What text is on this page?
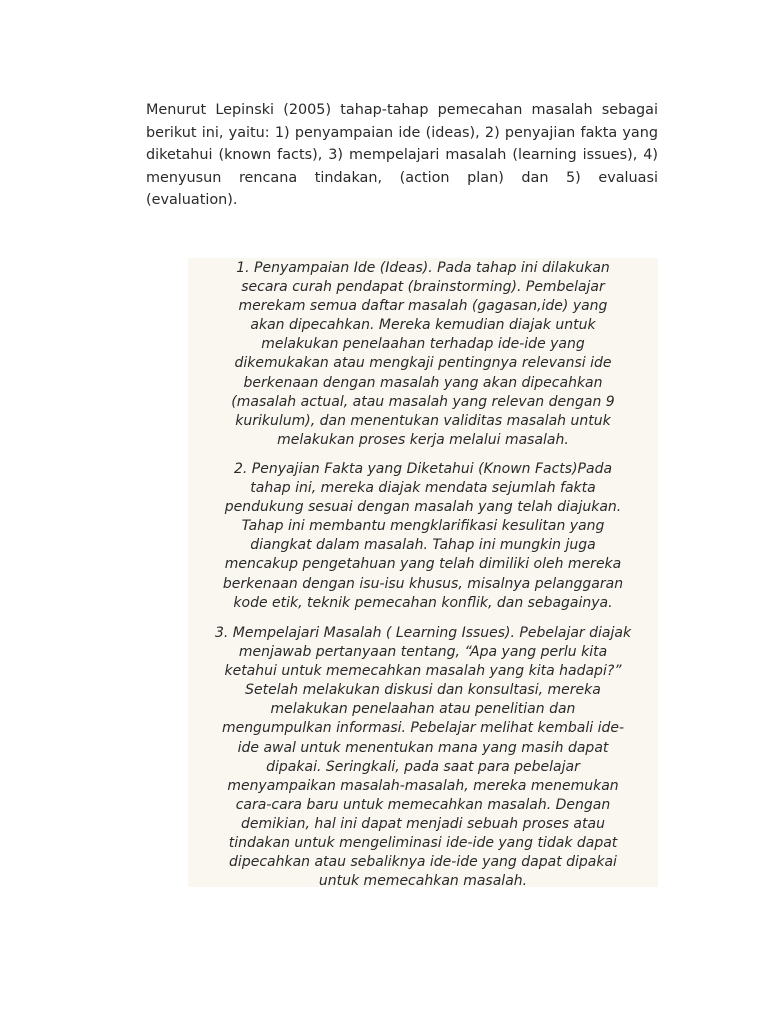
Menurut Lepinski (2005) tahap-tahap pemecahan masalah sebagai berikut ini, yaitu: 1) penyampaian ide (ideas), 2) penyajian fakta yang diketahui (known facts), 3) mempelajari masalah (learning issues), 4) menyusun rencana tindakan, (action plan) dan 5) evaluasi (evaluation).

1. Penyampaian Ide (Ideas). Pada tahap ini dilakukan
secara curah pendapat (brainstorming). Pembelajar
merekam semua daftar masalah (gagasan,ide) yang
akan dipecahkan. Mereka kemudian diajak untuk
melakukan penelaahan terhadap ide-ide yang
dikemukakan atau mengkaji pentingnya relevansi ide
berkenaan dengan masalah yang akan dipecahkan
(masalah actual, atau masalah yang relevan dengan 9
kurikulum), dan menentukan validitas masalah untuk
melakukan proses kerja melalui masalah.
2. Penyajian Fakta yang Diketahui (Known Facts)Pada
tahap ini, mereka diajak mendata sejumlah fakta
pendukung sesuai dengan masalah yang telah diajukan.
Tahap ini membantu mengklarifikasi kesulitan yang
diangkat dalam masalah. Tahap ini mungkin juga
mencakup pengetahuan yang telah dimiliki oleh mereka
berkenaan dengan isu-isu khusus, misalnya pelanggaran
kode etik, teknik pemecahan konflik, dan sebagainya.
3. Mempelajari Masalah ( Learning Issues). Pebelajar diajak
menjawab pertanyaan tentang, “Apa yang perlu kita
ketahui untuk memecahkan masalah yang kita hadapi?”
Setelah melakukan diskusi dan konsultasi, mereka
melakukan penelaahan atau penelitian dan
mengumpulkan informasi. Pebelajar melihat kembali ide-
ide awal untuk menentukan mana yang masih dapat
dipakai. Seringkali, pada saat para pebelajar
menyampaikan masalah-masalah, mereka menemukan
cara-cara baru untuk memecahkan masalah. Dengan
demikian, hal ini dapat menjadi sebuah proses atau
tindakan untuk mengeliminasi ide-ide yang tidak dapat
dipecahkan atau sebaliknya ide-ide yang dapat dipakai
untuk memecahkan masalah.
